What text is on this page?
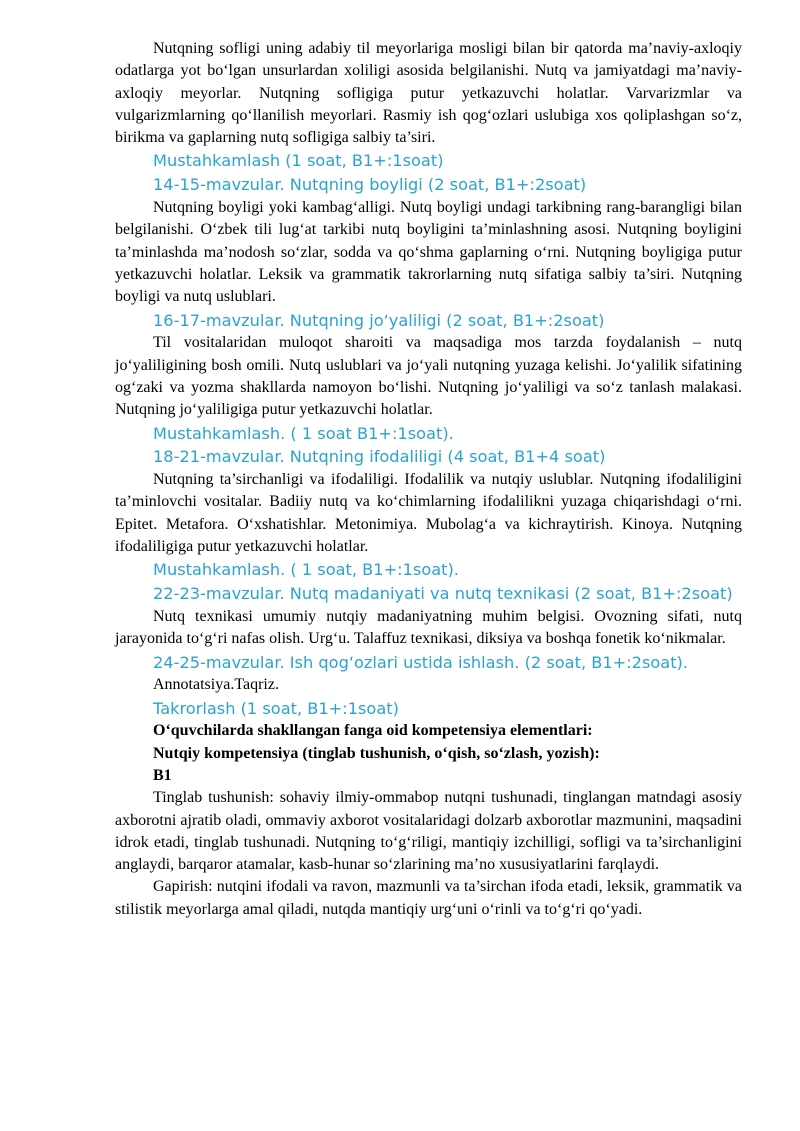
Nutqning sofligi uning adabiy til meyorlariga mosligi bilan bir qatorda ma’naviy-axloqiy odatlarga yot bo‘lgan unsurlardan xoliligi asosida belgilanishi. Nutq va jamiyatdagi ma’naviy-axloqiy meyorlar. Nutqning sofligiga putur yetkazuvchi holatlar. Varvarizmlar va vulgarizmlarning qo‘llanilish meyorlari. Rasmiy ish qog‘ozlari uslubiga xos qoliplashgan so‘z, birikma va gaplarning nutq sofligiga salbiy ta’siri.

Mustahkamlash (1 soat, B1+:1soat)
14-15-mavzular. Nutqning boyligi (2 soat, B1+:2soat)

Nutqning boyligi yoki kambag‘alligi. Nutq boyligi undagi tarkibning rang-barangligi bilan belgilanishi. O‘zbek tili lug‘at tarkibi nutq boyligini ta’minlashning asosi. Nutqning boyligini ta’minlashda ma’nodosh so‘zlar, sodda va qo‘shma gaplarning o‘rni. Nutqning boyligiga putur yetkazuvchi holatlar. Leksik va grammatik takrorlarning nutq sifatiga salbiy ta’siri. Nutqning boyligi va nutq uslublari.

16-17-mavzular. Nutqning jo‘yaliligi (2 soat, B1+:2soat)

Til vositalaridan muloqot sharoiti va maqsadiga mos tarzda foydalanish – nutq jo‘yaliligining bosh omili. Nutq uslublari va jo‘yali nutqning yuzaga kelishi. Jo‘yalilik sifatining og‘zaki va yozma shakllarda namoyon bo‘lishi. Nutqning jo‘yaliligi va so‘z tanlash malakasi. Nutqning jo‘yaliligiga putur yetkazuvchi holatlar.

Mustahkamlash. ( 1 soat B1+:1soat).
18-21-mavzular. Nutqning ifodaliligi (4 soat, B1+4 soat)

Nutqning ta’sirchanligi va ifodaliligi. Ifodalilik va nutqiy uslublar. Nutqning ifodaliligini ta’minlovchi vositalar. Badiiy nutq va ko‘chimlarning ifodalilikni yuzaga chiqarishdagi o‘rni. Epitet. Metafora. O‘xshatishlar. Metonimiya. Mubolag‘a va kichraytirish. Kinoya. Nutqning ifodaliligiga putur yetkazuvchi holatlar.

Mustahkamlash. ( 1 soat, B1+:1soat).
22-23-mavzular. Nutq madaniyati va nutq texnikasi (2 soat, B1+:2soat)

Nutq texnikasi umumiy nutqiy madaniyatning muhim belgisi. Ovozning sifati, nutq jarayonida to‘g‘ri nafas olish. Urg‘u. Talaffuz texnikasi, diksiya va boshqa fonetik ko‘nikmalar.

24-25-mavzular. Ish qog‘ozlari ustida ishlash. (2 soat, B1+:2soat).

Annotatsiya.Taqriz.

Takrorlash (1 soat, B1+:1soat)

O‘quvchilarda shakllangan fanga oid kompetensiya elementlari:

Nutqiy kompetensiya (tinglab tushunish, o‘qish, so‘zlash, yozish):

B1

Tinglab tushunish: sohaviy ilmiy-ommabop nutqni tushunadi, tinglangan matndagi asosiy axborotni ajratib oladi, ommaviy axborot vositalaridagi dolzarb axborotlar mazmunini, maqsadini idrok etadi, tinglab tushunadi. Nutqning to‘g‘riligi, mantiqiy izchilligi, sofligi va ta’sirchanligini anglaydi, barqaror atamalar, kasb-hunar so‘zlarining ma’no xususiyatlarini farqlaydi.

Gapirish: nutqini ifodali va ravon, mazmunli va ta’sirchan ifoda etadi, leksik, grammatik va stilistik meyorlarga amal qiladi, nutqda mantiqiy urg‘uni o‘rinli va to‘g‘ri qo‘yadi.
